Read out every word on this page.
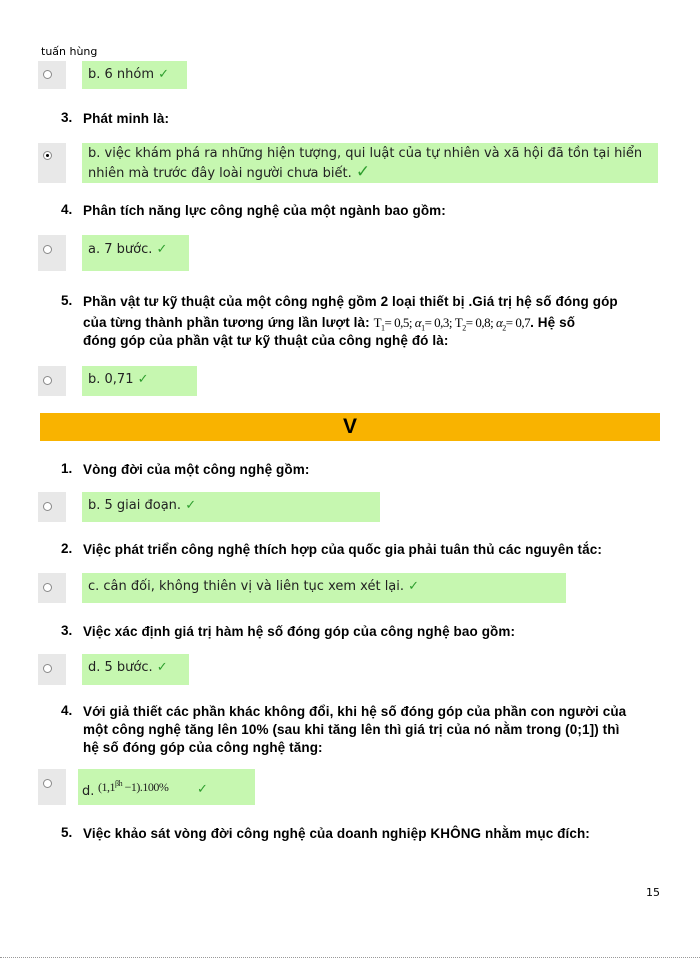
tuấn hùng
b. 6 nhóm ✓
3. Phát minh là:
b. việc khám phá ra những hiện tượng, qui luật của tự nhiên và xã hội đã tồn tại hiển
nhiên mà trước đây loài người chưa biết. ✓
4. Phân tích năng lực công nghệ của một ngành bao gồm:
a. 7 bước. ✓
5. Phần vật tư kỹ thuật của một công nghệ gồm 2 loại thiết bị .Giá trị hệ số đóng góp
của từng thành phần tương ứng lần lượt là: $T_1= 0,5$; $\alpha_1= 0,3$; $T_2= 0,8$; $\alpha_2= 0,7$. Hệ số
đóng góp của phần vật tư kỹ thuật của công nghệ đó là:
b. 0,71 ✓
V
1. Vòng đời của một công nghệ gồm:
b. 5 giai đoạn. ✓
2. Việc phát triển công nghệ thích hợp của quốc gia phải tuân thủ các nguyên tắc:
c. cân đối, không thiên vị và liên tục xem xét lại. ✓
3. Việc xác định giá trị hàm hệ số đóng góp của công nghệ bao gồm:
d. 5 bước. ✓
4. Với giả thiết các phần khác không đổi, khi hệ số đóng góp của phần con người của
một công nghệ tăng lên 10% (sau khi tăng lên thì giá trị của nó nằm trong (0;1]) thì
hệ số đóng góp của công nghệ tăng:
d. $(1,1^{\beta h} -1).100\%$ ✓
5. Việc khảo sát vòng đời công nghệ của doanh nghiệp KHÔNG nhằm mục đích:
15
